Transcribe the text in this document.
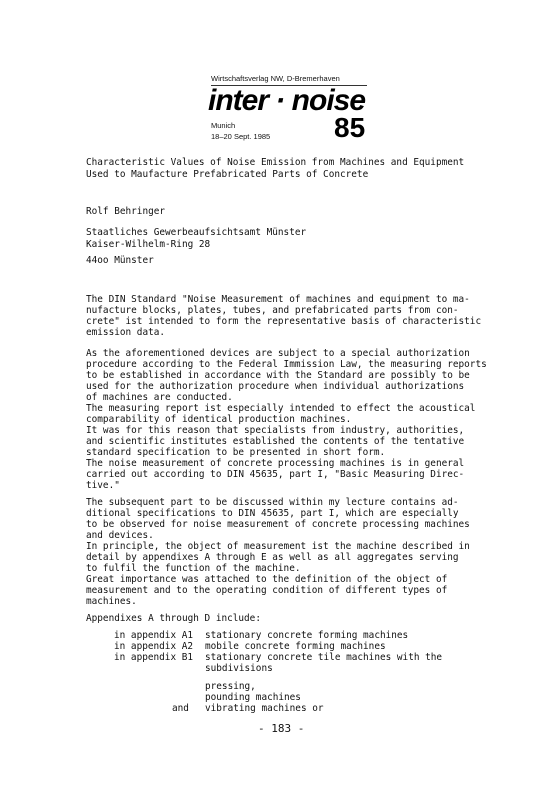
Wirtschaftsverlag NW, D-Bremerhaven
inter · noise
Munich
18–20 Sept. 1985 85
Characteristic Values of Noise Emission from Machines and Equipment
Used to Maufacture Prefabricated Parts of Concrete
Rolf Behringer
Staatliches Gewerbeaufsichtsamt Münster
Kaiser-Wilhelm-Ring 28
44oo Münster
The DIN Standard "Noise Measurement of machines and equipment to ma-
nufacture blocks, plates, tubes, and prefabricated parts from con-
crete" ist intended to form the representative basis of characteristic
emission data.
As the aforementioned devices are subject to a special authorization
procedure according to the Federal Immission Law, the measuring reports
to be established in accordance with the Standard are possibly to be
used for the authorization procedure when individual authorizations
of machines are conducted.
The measuring report ist especially intended to effect the acoustical
comparability of identical production machines.
It was for this reason that specialists from industry, authorities,
and scientific institutes established the contents of the tentative
standard specification to be presented in short form.
The noise measurement of concrete processing machines is in general
carried out according to DIN 45635, part I, "Basic Measuring Direc-
tive."
The subsequent part to be discussed within my lecture contains ad-
ditional specifications to DIN 45635, part I, which are especially
to be observed for noise measurement of concrete processing machines
and devices.
In principle, the object of measurement ist the machine described in
detail by appendixes A through E as well as all aggregates serving
to fulfil the function of the machine.
Great importance was attached to the definition of the object of
measurement and to the operating condition of different types of
machines.
Appendixes A through D include:
in appendix A1 stationary concrete forming machines
in appendix A2 mobile concrete forming machines
in appendix B1 stationary concrete tile machines with the
subdivisions
pressing,
pounding machines
and vibrating machines or
- 183 -
